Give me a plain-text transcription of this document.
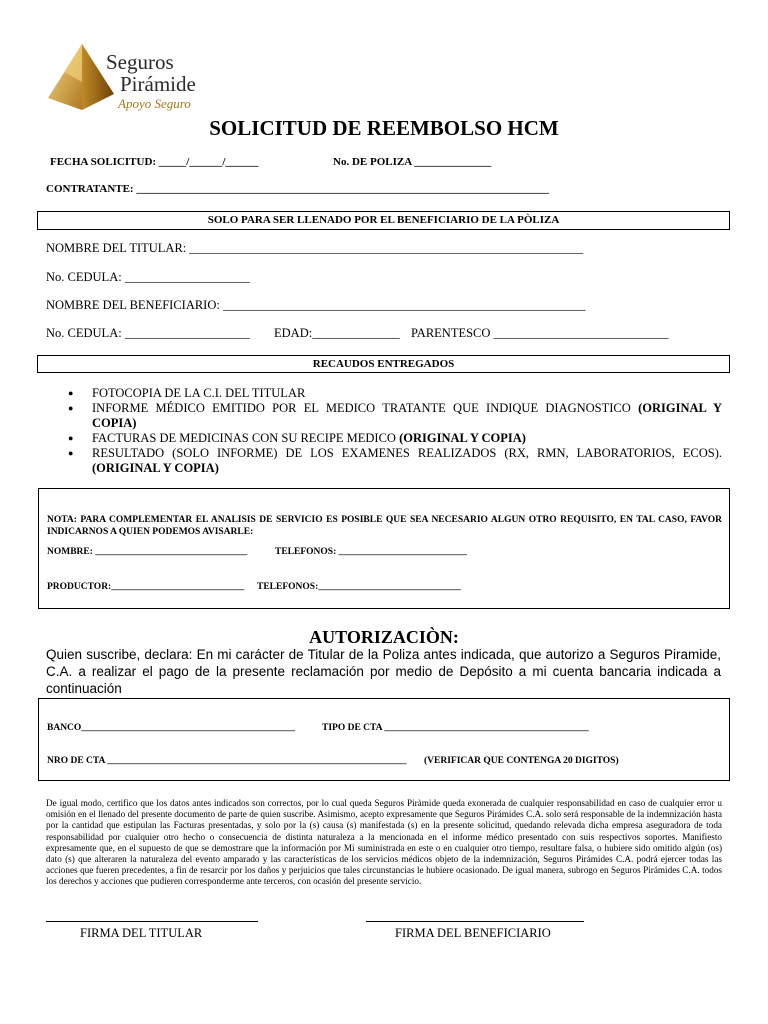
Seguros
Pirámide
Apoyo Seguro
SOLICITUD DE REEMBOLSO HCM
FECHA SOLICITUD: _____/______/______	No. DE POLIZA ______________
CONTRATANTE: ___________________________________________________________________________
SOLO PARA SER LLENADO POR EL BENEFICIARIO DE LA PÒLIZA
NOMBRE DEL TITULAR: _______________________________________________________________
No. CEDULA: ____________________
NOMBRE DEL BENEFICIARIO: __________________________________________________________
No. CEDULA: ____________________ EDAD:______________ PARENTESCO ____________________________
RECAUDOS ENTREGADOS
● FOTOCOPIA DE LA C.I. DEL TITULAR
● INFORME MÉDICO EMITIDO POR EL MEDICO TRATANTE QUE INDIQUE DIAGNOSTICO (ORIGINAL Y COPIA)
● FACTURAS DE MEDICINAS CON SU RECIPE MEDICO (ORIGINAL Y COPIA)
● RESULTADO (SOLO INFORME) DE LOS EXAMENES REALIZADOS (RX, RMN, LABORATORIOS, ECOS). (ORIGINAL Y COPIA)
NOTA: PARA COMPLEMENTAR EL ANALISIS DE SERVICIO ES POSIBLE QUE SEA NECESARIO ALGUN OTRO REQUISITO, EN TAL CASO, FAVOR INDICARNOS A QUIEN PODEMOS AVISARLE:
NOMBRE: ________________________________	TELEFONOS: ___________________________
PRODUCTOR:____________________________ TELEFONOS:______________________________
AUTORIZACIÒN:
Quien suscribe, declara: En mi carácter de Titular de la Poliza antes indicada, que autorizo a Seguros Piramide, C.A. a realizar el pago de la presente reclamación por medio de Depósito a mi cuenta bancaria indicada a continuación
BANCO_____________________________________________	TIPO DE CTA ___________________________________________
NRO DE CTA _______________________________________________________________ (VERIFICAR QUE CONTENGA 20 DIGITOS)
De igual modo, certifico que los datos antes indicados son correctos, por lo cual queda Seguros Piràmide queda exonerada de cualquier responsabilidad en caso de cualquier error u omisión en el llenado del presente documento de parte de quien suscribe. Asimismo, acepto expresamente que Seguros Pirámides C.A. solo será responsable de la indemnización hasta por la cantidad que estipulan las Facturas presentadas, y solo por la (s) causa (s) manifestada (s) en la presente solicitud, quedando relevada dicha empresa aseguradora de toda responsabilidad por cualquier otro hecho o consecuencia de distinta naturaleza a la mencionada en el informe médico presentado con suis respectivos soportes. Manifiesto expresamente que, en el supuesto de que se demostrare que la información por Mi suministrada en este o en cualquier otro tiempo, resultare falsa, o hubiere sido omitido algún (os) dato (s) que alteraren la naturaleza del evento amparado y las características de los servicios médicos objeto de la indemnización, Seguros Pirámides C.A. podrá ejercer todas las acciones que fueren precedentes, a fin de resarcir por los daños y perjuicios que tales circunstancias le hubiere ocasionado. De igual manera, subrogo en Seguros Pirámides C.A. todos los derechos y acciones que pudieren corresponderme ante terceros, con ocasión del presente servicio.
FIRMA DEL TITULAR	FIRMA DEL BENEFICIARIO
